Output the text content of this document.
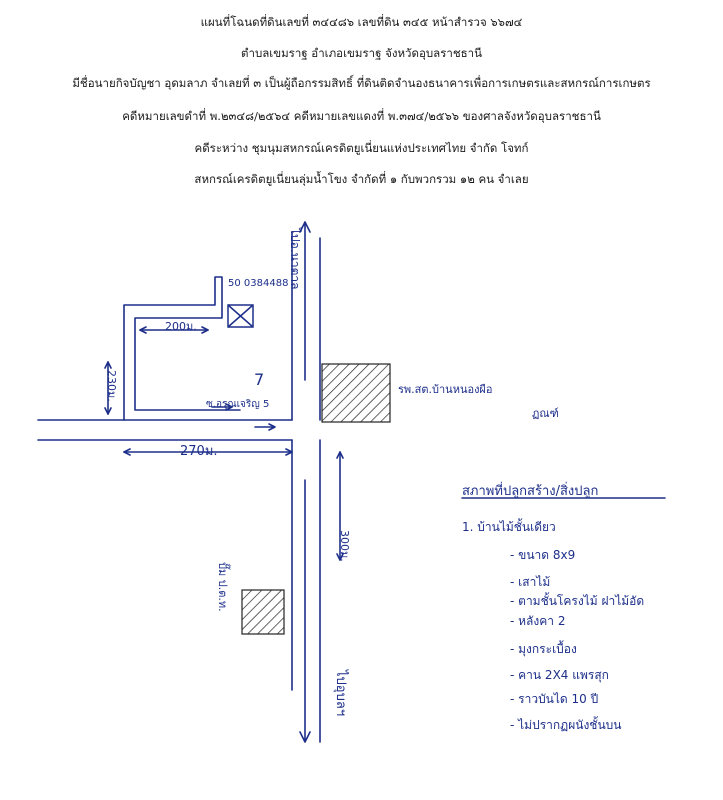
แผนที่โฉนดที่ดินเลขที่ ๓๔๔๘๖ เลขที่ดิน ๓๔๕ หน้าสำรวจ ๖๖๗๔
ตำบลเขมราฐ อำเภอเขมราฐ จังหวัดอุบลราชธานี
มีชื่อนายกิจบัญชา อุดมลาภ จำเลยที่ ๓ เป็นผู้ถือกรรมสิทธิ์ ที่ดินติดจำนองธนาคารเพื่อการเกษตรและสหกรณ์การเกษตร
คดีหมายเลขดำที่ พ.๒๓๔๘/๒๕๖๔ คดีหมายเลขแดงที่ พ.๓๗๔/๒๕๖๖ ของศาลจังหวัดอุบลราชธานี
คดีระหว่าง ชุมนุมสหกรณ์เครดิตยูเนี่ยนแห่งประเทศไทย จำกัด โจทก์
สหกรณ์เครดิตยูเนี่ยนลุ่มน้ำโขง จำกัดที่ ๑ กับพวกรวม ๑๒ คน จำเลย
ไปอ.นาตาล
ไปอุบลฯ
50 0384488
200ม.
230ม.
270ม.
300ม.
7
ซ.อรุณเจริญ 5
รพ.สต.บ้านหนองผือ
ฏณฑ์
ปั๊ม ป.ต.ท.
สภาพที่ปลูกสร้าง/สิ่งปลูก
1. บ้านไม้ชั้นเดียว
- ขนาด 8x9
- เสาไม้
- ตามชั้นโครงไม้ ฝาไม้อัด
- หลังคา 2
- มุงกระเบื้อง
- คาน 2X4 แพรสุก
- ราวบันได 10 ปี
- ไม่ปรากฏผนังชั้นบน
